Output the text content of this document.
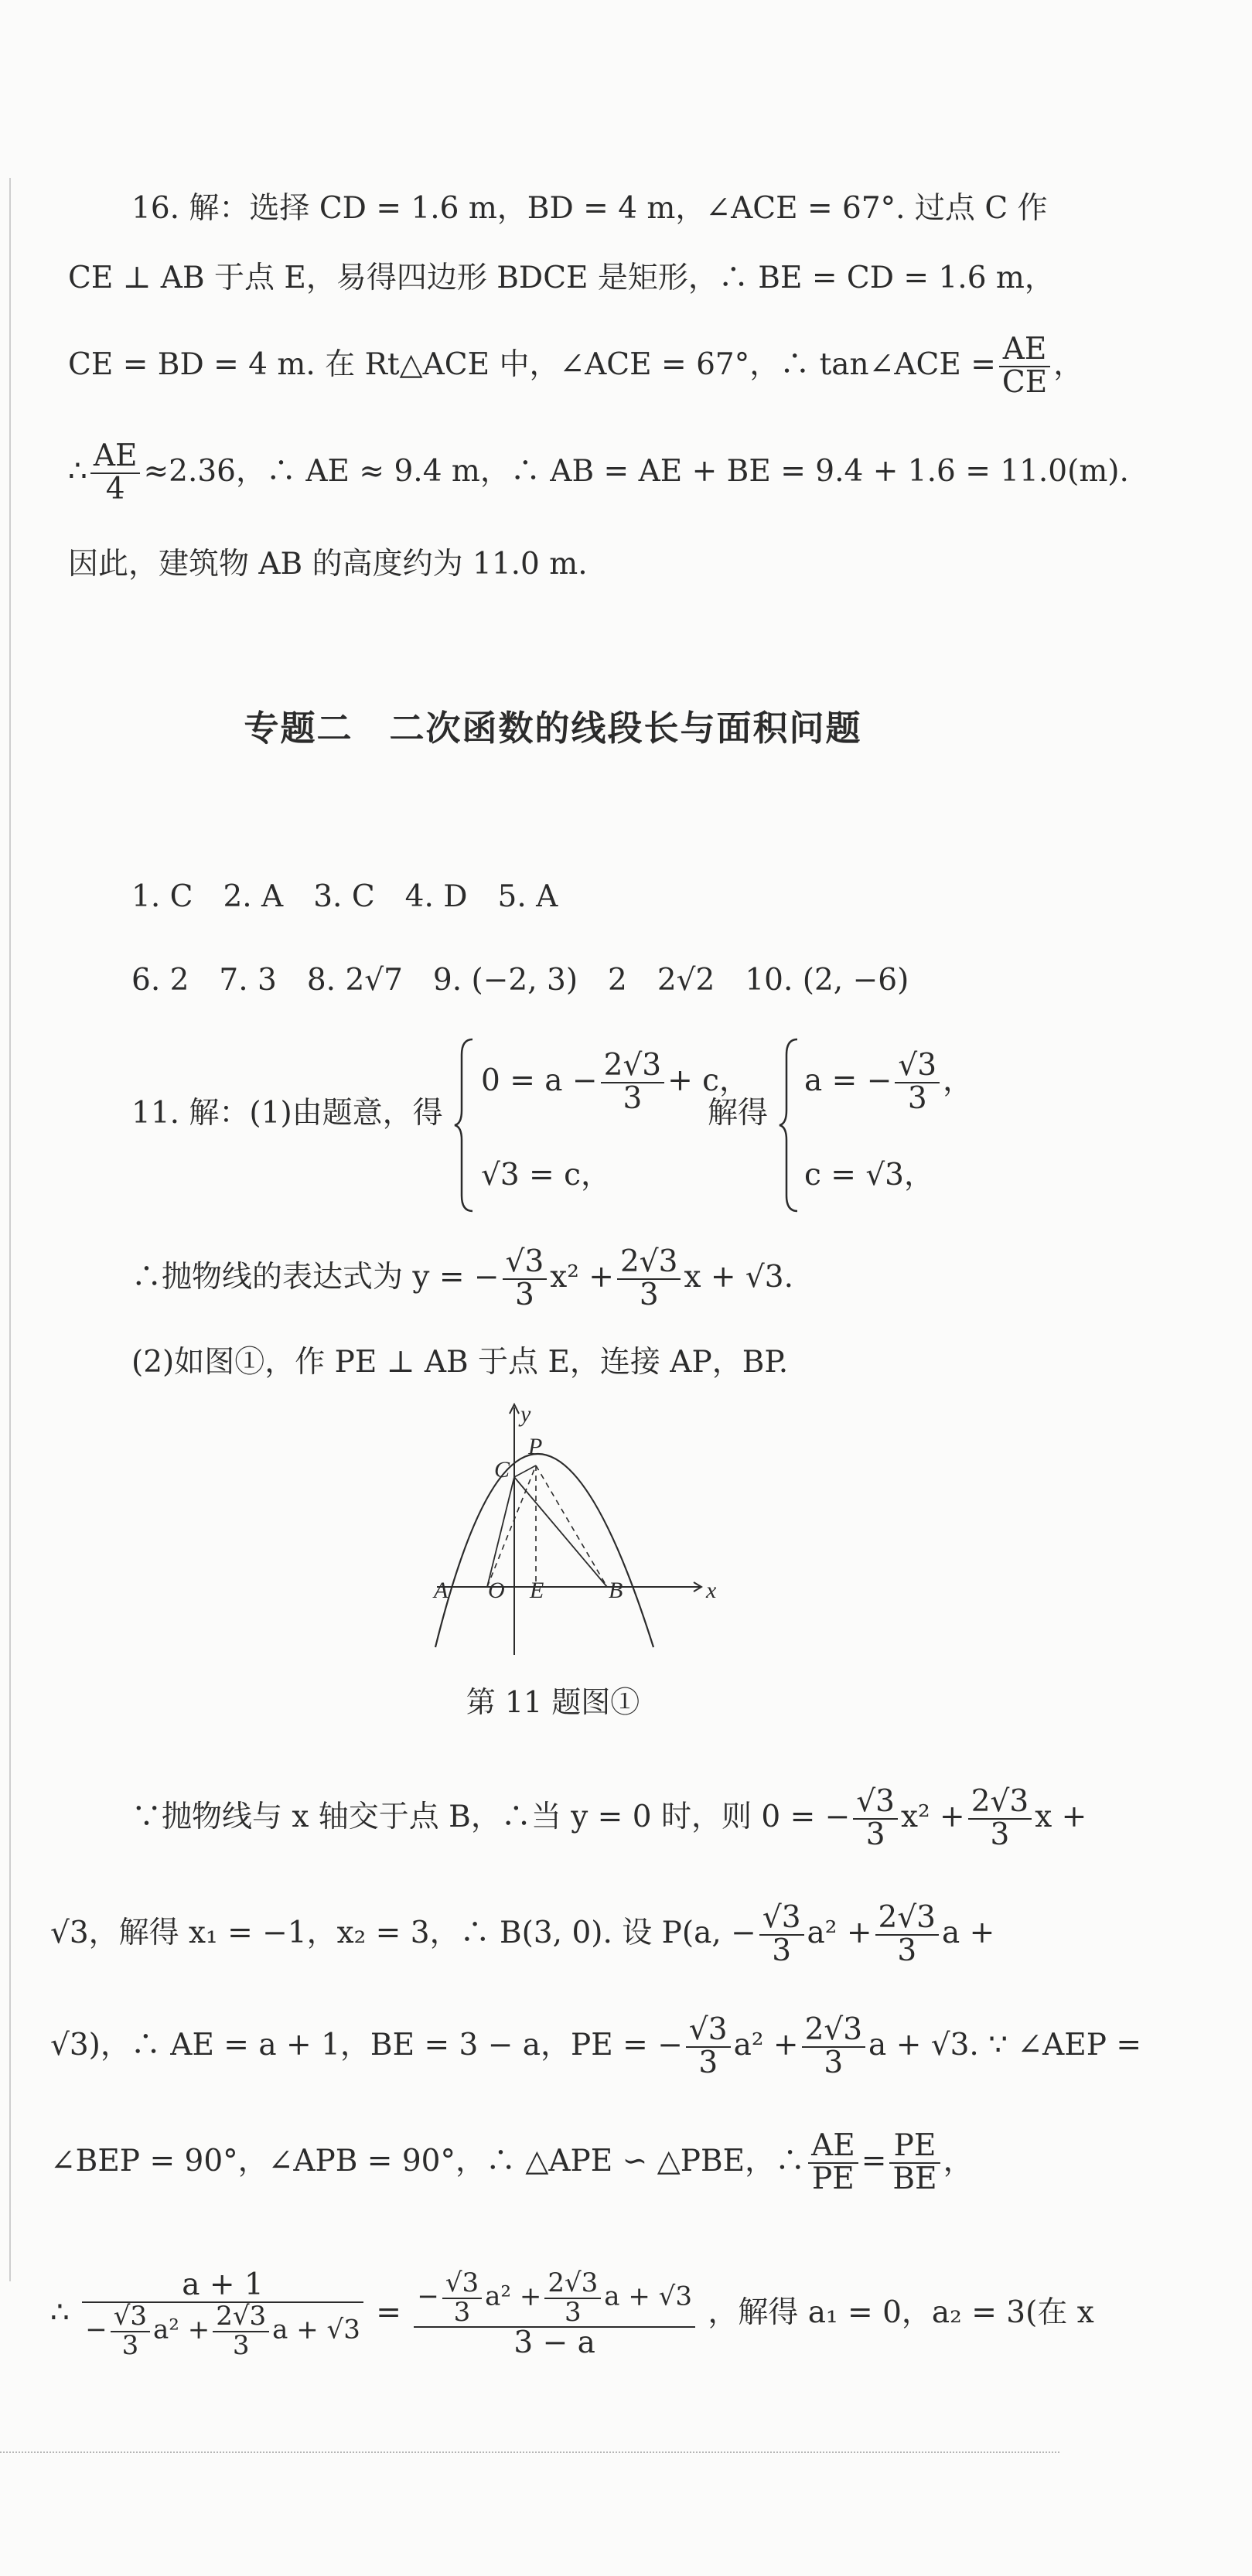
16. 解：选择 CD = 1.6 m，BD = 4 m，∠ACE = 67°. 过点 C 作
CE ⊥ AB 于点 E，易得四边形 BDCE 是矩形，∴ BE = CD = 1.6 m，
CE = BD = 4 m. 在 Rt△ACE 中，∠ACE = 67°，∴ tan∠ACE = $\frac{AE}{CE}$ ，
∴ $\frac{AE}{4} \approx 2.36$，∴ AE ≈ 9.4 m，∴ AB = AE + BE = 9.4 + 1.6 = 11.0(m).
因此，建筑物 AB 的高度约为 11.0 m.
专题二　二次函数的线段长与面积问题
1. C　2. A　3. C　4. D　5. A
6. 2　7. 3　8. 2√7　9. (−2, 3)　2　2√2　10. (2, −6)
11. 解：(1)由题意，得
$0 = a - \frac{2√3}{3} + c$，
√3 = c，
解得
a = − $\frac{√3}{3}$ ，
c = √3，
∴抛物线的表达式为 y = − $\frac{√3}{3} x^2 + \frac{2√3}{3}$ x + √3.
(2)如图①，作 PE ⊥ AB 于点 E，连接 AP，BP.
y
x
P
C
A O E	B
第 11 题图①
∵抛物线与 x 轴交于点 B，∴当 y = 0 时，则 0 = − $\frac{√3}{3} x^2 + \frac{2√3}{3}$ x +
√3，解得 x₁ = −1，x₂ = 3，∴ B(3, 0). 设 P(a, − $\frac{√3}{3} a^2 + \frac{2√3}{3}$ a +
√3)，∴ AE = a + 1，BE = 3 − a，PE = − $\frac{√3}{3} a^2 + \frac{2√3}{3}$ a + √3. ∵ ∠AEP =
∠BEP = 90°，∠APB = 90°，∴ △APE ∽ △PBE，∴ $\frac{AE}{PE} = \frac{PE}{BE}$ ，
∴ $\frac{a + 1}{- \frac{√3}{3} a^2 + \frac{2√3}{3} a + √3} = \frac{- \frac{√3}{3} a^2 + \frac{2√3}{3} a + √3}{3 - a}$ ，解得 a₁ = 0，a₂ = 3(在 x
